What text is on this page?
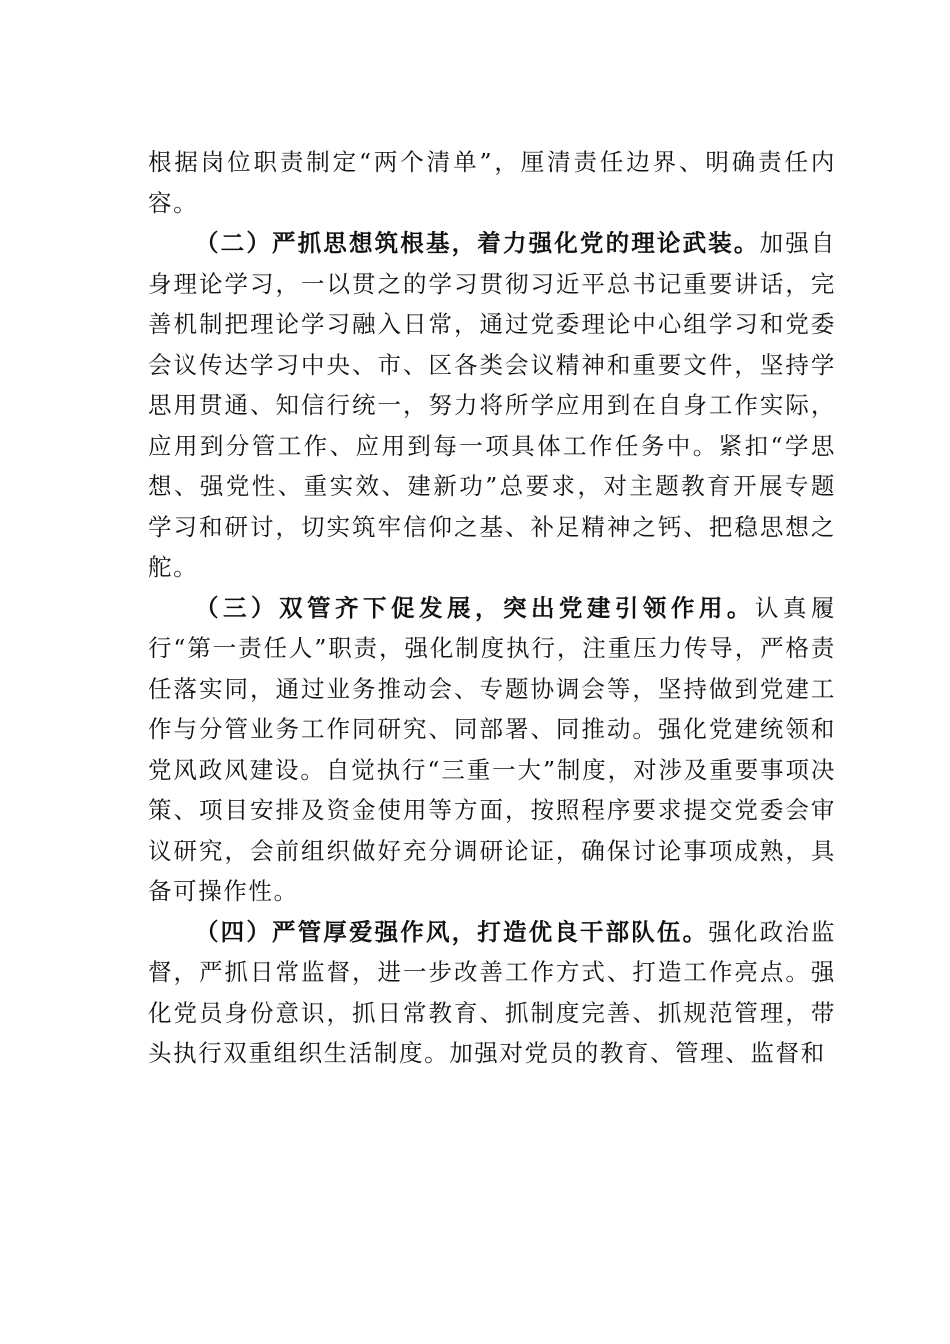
根据岗位职责制定“两个清单”，厘清责任边界、明确责任内容。

（二）严抓思想筑根基，着力强化党的理论武装。加强自身理论学习，一以贯之的学习贯彻习近平总书记重要讲话，完善机制把理论学习融入日常，通过党委理论中心组学习和党委会议传达学习中央、市、区各类会议精神和重要文件，坚持学思用贯通、知信行统一，努力将所学应用到在自身工作实际，应用到分管工作、应用到每一项具体工作任务中。紧扣“学思想、强党性、重实效、建新功”总要求，对主题教育开展专题学习和研讨，切实筑牢信仰之基、补足精神之钙、把稳思想之舵。

（三）双管齐下促发展，突出党建引领作用。认真履行“第一责任人”职责，强化制度执行，注重压力传导，严格责任落实同，通过业务推动会、专题协调会等，坚持做到党建工作与分管业务工作同研究、同部署、同推动。强化党建统领和党风政风建设。自觉执行“三重一大”制度，对涉及重要事项决策、项目安排及资金使用等方面，按照程序要求提交党委会审议研究，会前组织做好充分调研论证，确保讨论事项成熟，具备可操作性。

（四）严管厚爱强作风，打造优良干部队伍。强化政治监督，严抓日常监督，进一步改善工作方式、打造工作亮点。强化党员身份意识，抓日常教育、抓制度完善、抓规范管理，带头执行双重组织生活制度。加强对党员的教育、管理、监督和
